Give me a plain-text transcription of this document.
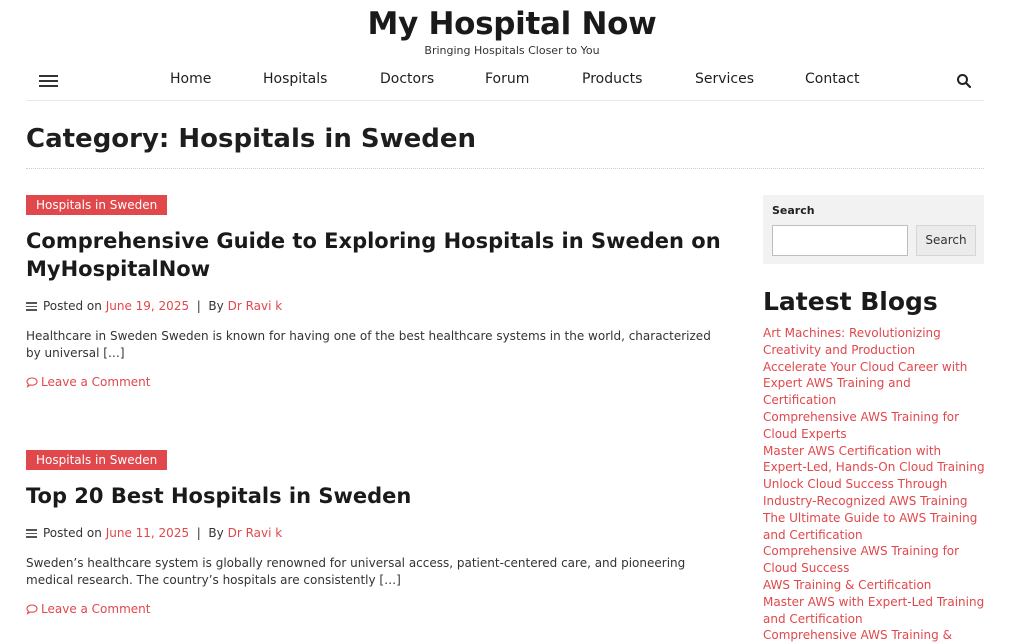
My Hospital Now
Bringing Hospitals Closer to You
Home	Hospitals	Doctors	Forum	Products	Services	Contact
Category: Hospitals in Sweden
Hospitals in Sweden
Comprehensive Guide to Exploring Hospitals in Sweden on MyHospitalNow
Posted on June 19, 2025  |  By Dr Ravi k

Healthcare in Sweden Sweden is known for having one of the best healthcare systems in the world, characterized by universal […]

Leave a Comment
Hospitals in Sweden
Top 20 Best Hospitals in Sweden
Posted on June 11, 2025  |  By Dr Ravi k

Sweden’s healthcare system is globally renowned for universal access, patient-centered care, and pioneering medical research. The country’s hospitals are consistently […]

Leave a Comment
Search
Search
Latest Blogs
Art Machines: Revolutionizing Creativity and Production
Accelerate Your Cloud Career with Expert AWS Training and Certification
Comprehensive AWS Training for Cloud Experts
Master AWS Certification with Expert-Led, Hands-On Cloud Training
Unlock Cloud Success Through Industry-Recognized AWS Training
The Ultimate Guide to AWS Training and Certification
Comprehensive AWS Training for Cloud Success
AWS Training & Certification
Master AWS with Expert-Led Training and Certification
Comprehensive AWS Training &
